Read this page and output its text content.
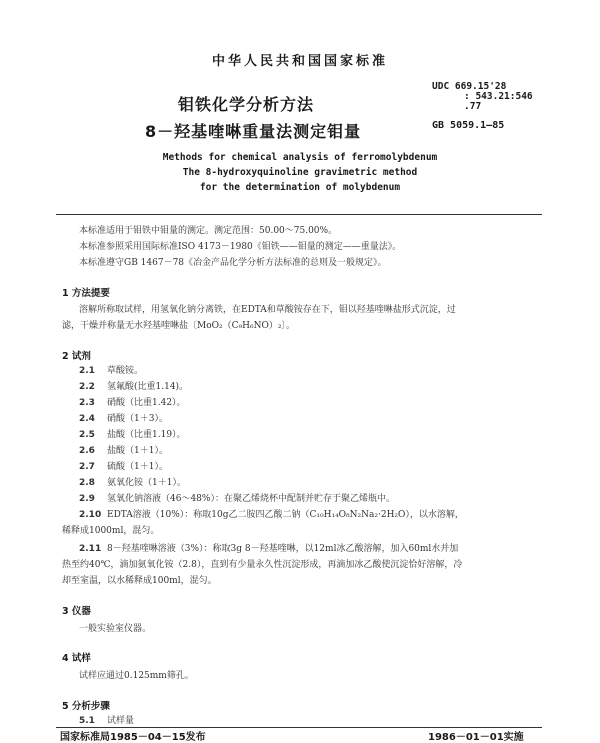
中华人民共和国国家标准
UDC 669.15'28
: 543.21:546
.77
GB 5059.1—85
钼铁化学分析方法
8－羟基喹啉重量法测定钼量
Methods for chemical analysis of ferromolybdenum
The 8-hydroxyquinoline gravimetric method
for the determination of molybdenum
本标准适用于钼铁中钼量的测定。测定范围：50.00～75.00%。
本标准参照采用国际标准ISO 4173－1980《钼铁——钼量的测定——重量法》。
本标准遵守GB 1467－78《冶金产品化学分析方法标准的总则及一般规定》。
1 方法提要
溶解所称取试样，用氢氧化钠分离铁，在EDTA和草酸铵存在下，钼以羟基喹啉盐形式沉淀，过
滤，干燥并称量无水羟基喹啉盐〔MoO₂（C₉H₆NO）₂〕。
2 试剂
2.1 草酸铵。
2.2 氢氟酸(比重1.14)。
2.3 硝酸（比重1.42）。
2.4 硝酸（1＋3）。
2.5 盐酸（比重1.19）。
2.6 盐酸（1＋1）。
2.7 硫酸（1＋1）。
2.8 氨氧化铵（1＋1）。
2.9 氢氧化钠溶液（46～48%）：在聚乙烯烧杯中配制并贮存于聚乙烯瓶中。
2.10 EDTA溶液（10%）：称取10g乙二胺四乙酸二钠（C₁₀H₁₄O₈N₂Na₂·2H₂O），以水溶解，
稀释成1000ml，混匀。
2.11 8－羟基喹啉溶液（3%）：称取3g 8－羟基喹啉，以12ml冰乙酸溶解，加入60ml水并加
热至约40℃，滴加氨氧化铵（2.8），直到有少量永久性沉淀形成，再滴加冰乙酸使沉淀恰好溶解，冷
却至室温，以水稀释成100ml，混匀。
3 仪器
一般实验室仪器。
4 试样
试样应通过0.125mm筛孔。
5 分析步骤
5.1 试样量
国家标准局1985－04－15发布	1986－01－01实施
